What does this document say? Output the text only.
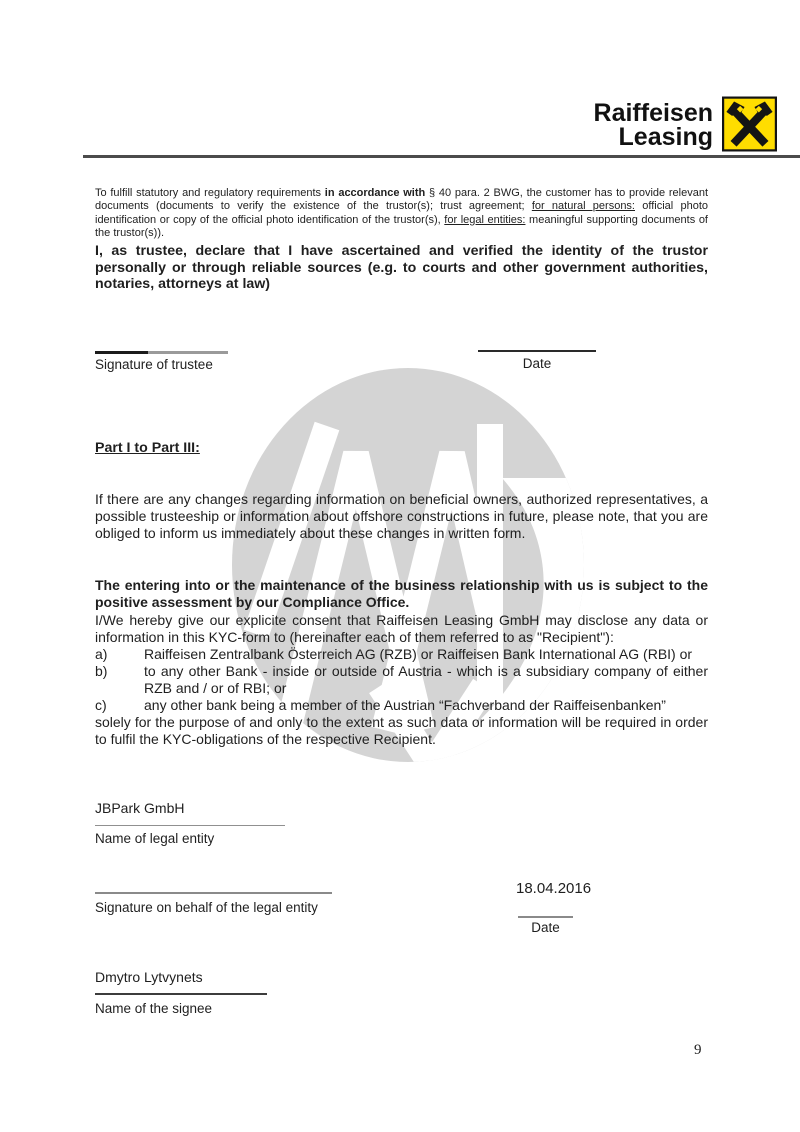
Raiffeisen
Leasing

To fulfill statutory and regulatory requirements in accordance with § 40 para. 2 BWG, the customer has to provide relevant documents (documents to verify the existence of the trustor(s); trust agreement; for natural persons: official photo identification or copy of the official photo identification of the trustor(s), for legal entities: meaningful supporting documents of the trustor(s)).

I, as trustee, declare that I have ascertained and verified the identity of the trustor personally or through reliable sources (e.g. to courts and other government authorities, notaries, attorneys at law)

Signature of trustee	Date
Part I to Part III:

If there are any changes regarding information on beneficial owners, authorized representatives, a possible trusteeship or information about offshore constructions in future, please note, that you are obliged to inform us immediately about these changes in written form.

The entering into or the maintenance of the business relationship with us is subject to the positive assessment by our Compliance Office.

I/We hereby give our explicite consent that Raiffeisen Leasing GmbH may disclose any data or information in this KYC-form to (hereinafter each of them referred to as "Recipient"):
a)	Raiffeisen Zentralbank Österreich AG (RZB) or Raiffeisen Bank International AG (RBI) or
b)	to any other Bank - inside or outside of Austria - which is a subsidiary company of either RZB and / or of RBI; or
c)	any other bank being a member of the Austrian “Fachverband der Raiffeisenbanken”
solely for the purpose of and only to the extent as such data or information will be required in order to fulfil the KYC-obligations of the respective Recipient.
JBPark GmbH
Name of legal entity
Signature on behalf of the legal entity
18.04.2016
Date
Dmytro Lytvynets
Name of the signee
9
